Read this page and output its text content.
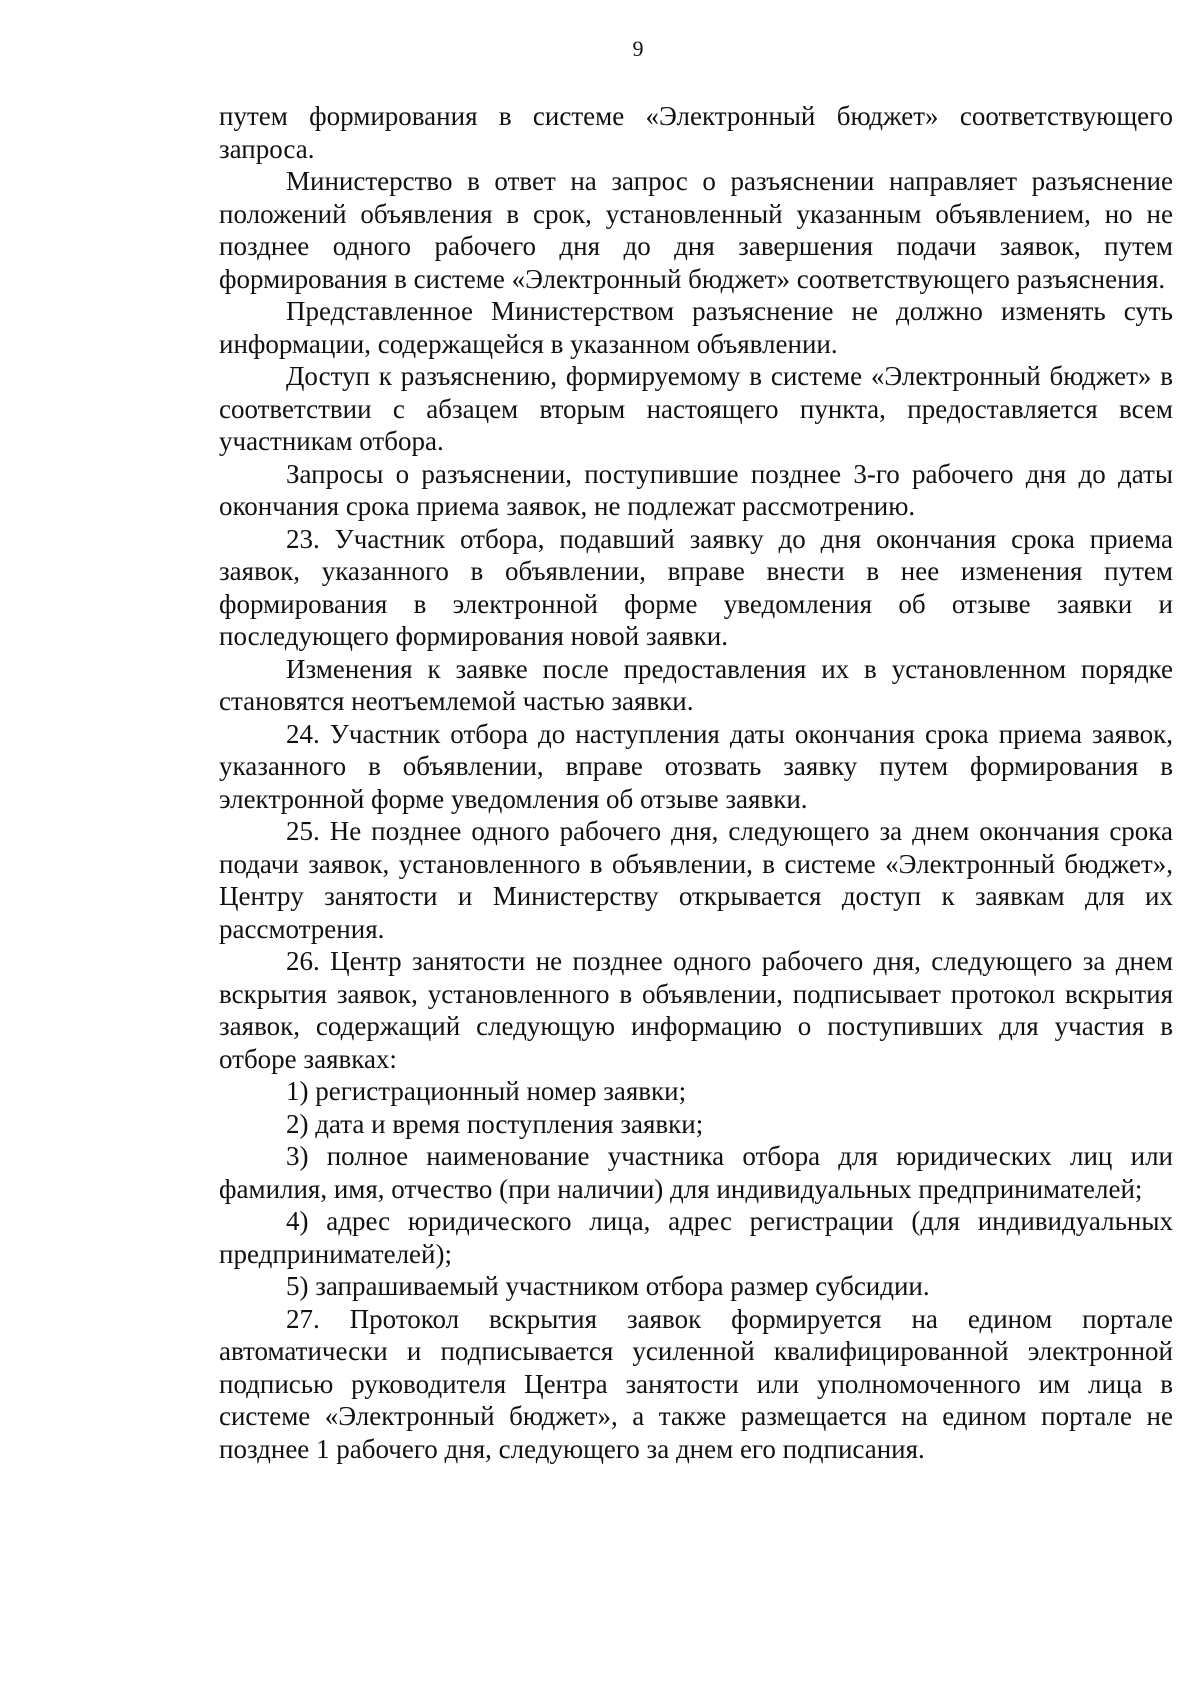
9

путем формирования в системе «Электронный бюджет» соответствующего запроса.

Министерство в ответ на запрос о разъяснении направляет разъяснение положений объявления в срок, установленный указанным объявлением, но не позднее одного рабочего дня до дня завершения подачи заявок, путем формирования в системе «Электронный бюджет» соответствующего разъяснения.

Представленное Министерством разъяснение не должно изменять суть информации, содержащейся в указанном объявлении.

Доступ к разъяснению, формируемому в системе «Электронный бюджет» в соответствии с абзацем вторым настоящего пункта, предоставляется всем участникам отбора.

Запросы о разъяснении, поступившие позднее 3-го рабочего дня до даты окончания срока приема заявок, не подлежат рассмотрению.

23. Участник отбора, подавший заявку до дня окончания срока приема заявок, указанного в объявлении, вправе внести в нее изменения путем формирования в электронной форме уведомления об отзыве заявки и последующего формирования новой заявки.

Изменения к заявке после предоставления их в установленном порядке становятся неотъемлемой частью заявки.

24. Участник отбора до наступления даты окончания срока приема заявок, указанного в объявлении, вправе отозвать заявку путем формирования в электронной форме уведомления об отзыве заявки.

25. Не позднее одного рабочего дня, следующего за днем окончания срока подачи заявок, установленного в объявлении, в системе «Электронный бюджет», Центру занятости и Министерству открывается доступ к заявкам для их рассмотрения.

26. Центр занятости не позднее одного рабочего дня, следующего за днем вскрытия заявок, установленного в объявлении, подписывает протокол вскрытия заявок, содержащий следующую информацию о поступивших для участия в отборе заявках:

1) регистрационный номер заявки;

2) дата и время поступления заявки;

3) полное наименование участника отбора для юридических лиц или фамилия, имя, отчество (при наличии) для индивидуальных предпринимателей;

4) адрес юридического лица, адрес регистрации (для индивидуальных предпринимателей);

5) запрашиваемый участником отбора размер субсидии.

27. Протокол вскрытия заявок формируется на едином портале автоматически и подписывается усиленной квалифицированной электронной подписью руководителя Центра занятости или уполномоченного им лица в системе «Электронный бюджет», а также размещается на едином портале не позднее 1 рабочего дня, следующего за днем его подписания.
